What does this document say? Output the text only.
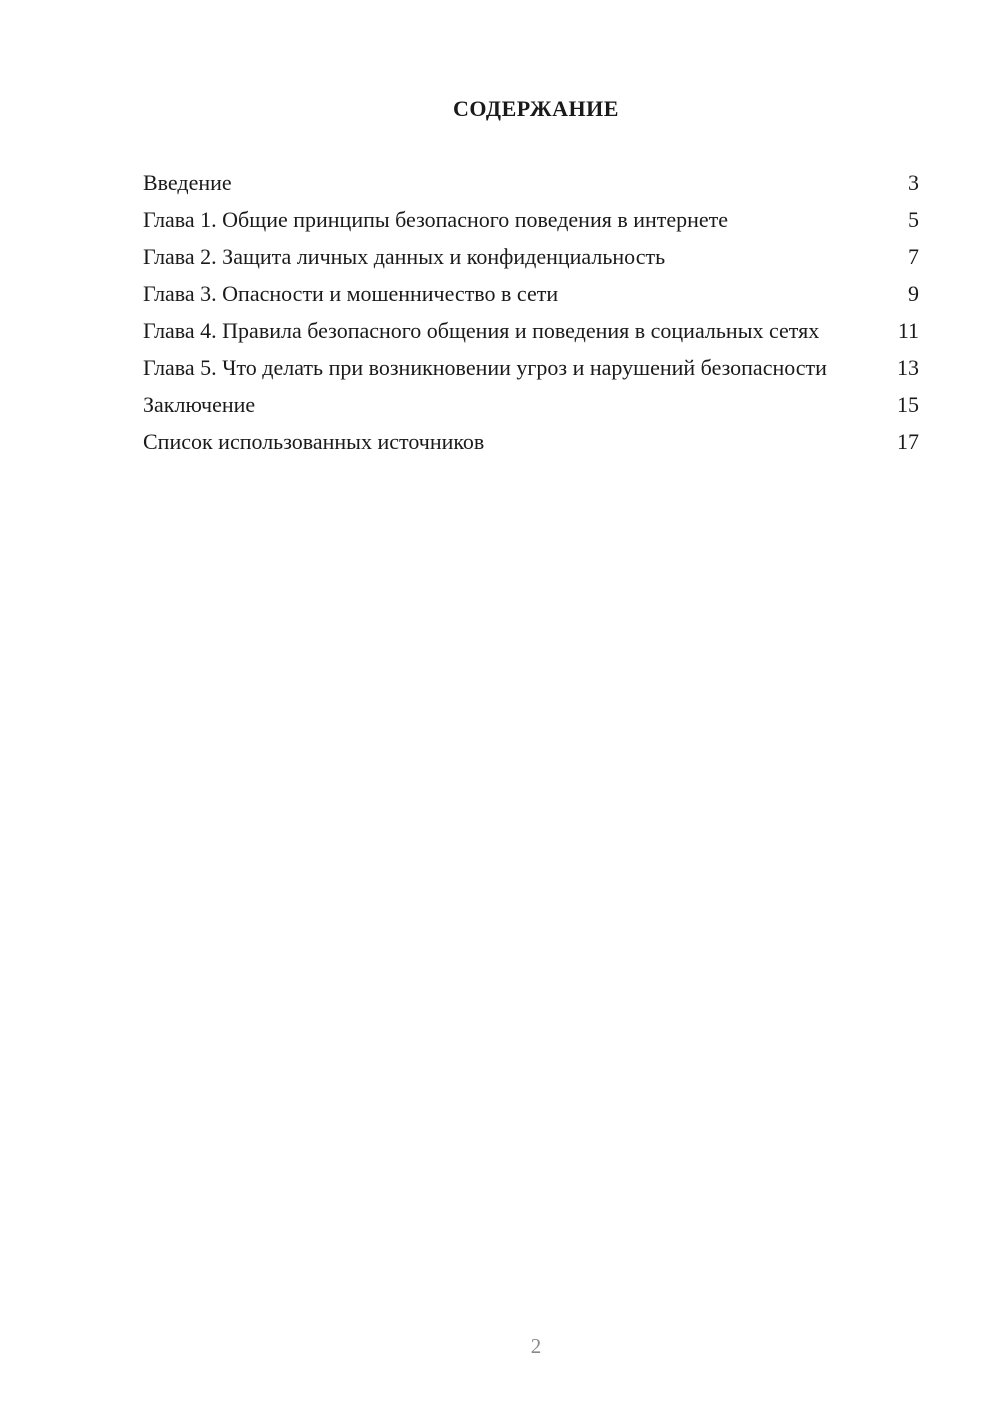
СОДЕРЖАНИЕ
Введение	3
Глава 1. Общие принципы безопасного поведения в интернете	5
Глава 2. Защита личных данных и конфиденциальность	7
Глава 3. Опасности и мошенничество в сети	9
Глава 4. Правила безопасного общения и поведения в социальных сетях	11
Глава 5. Что делать при возникновении угроз и нарушений безопасности	13
Заключение	15
Список использованных источников	17
2
